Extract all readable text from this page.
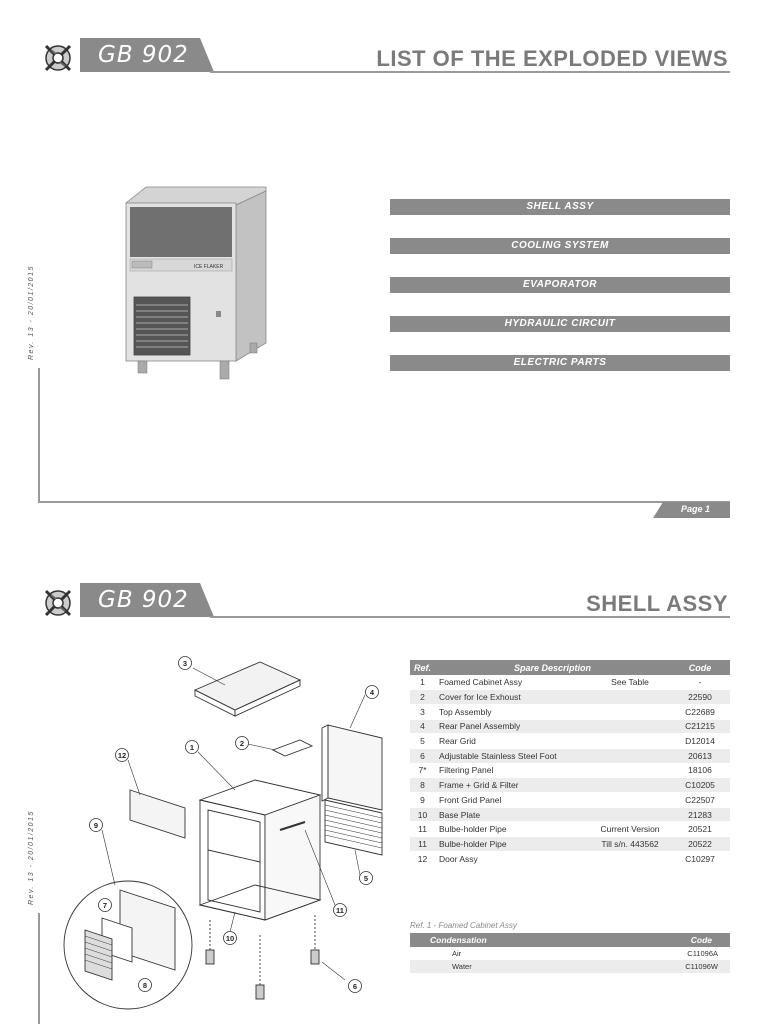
GB 902	LIST OF THE EXPLODED VIEWS
Rev. 13 - 20/01/2015	ICE FLAKER
SHELL ASSY
COOLING SYSTEM
EVAPORATOR
HYDRAULIC CIRCUIT
ELECTRIC PARTS
Page 1
GB 902	SHELL ASSY
Rev. 13 - 20/01/2015
3
2
4
5
12
1
9
7
8
10
11
6
Ref.	Spare Description		Code
1	Foamed Cabinet Assy	See Table	-
2	Cover for Ice Exhoust		22590
3	Top Assembly		C22689
4	Rear Panel Assembly		C21215
5	Rear Grid		D12014
6	Adjustable Stainless Steel Foot		20613
7*	Filtering Panel		18106
8	Frame + Grid & Filter		C10205
9	Front Grid Panel		C22507
10	Base Plate		21283
11	Bulbe-holder Pipe	Current Version	20521
11	Bulbe-holder Pipe	Till s/n. 443562	20522
12	Door Assy		C10297
Ref. 1 - Foamed Cabinet Assy
Condensation	Code
Air	C11096A
Water	C11096W
